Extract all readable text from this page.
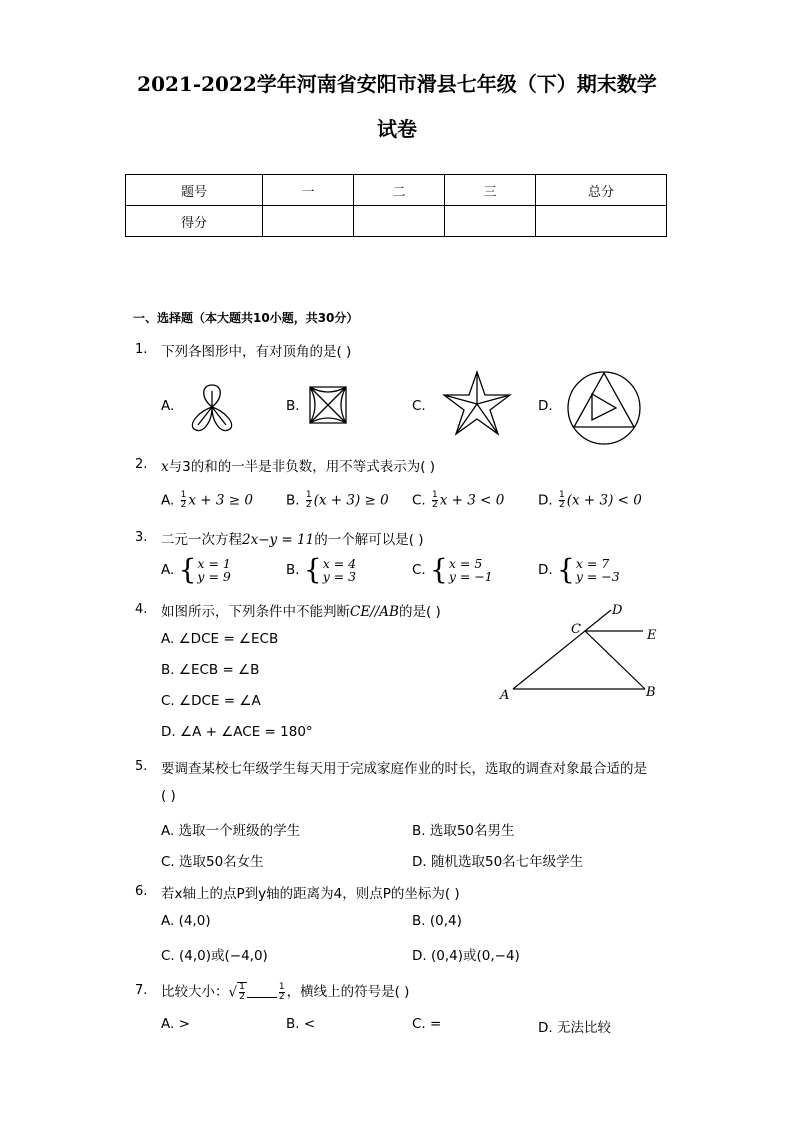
2021-2022学年河南省安阳市滑县七年级（下）期末数学
试卷
题号	一	二	三	总分
得分				
一、选择题（本大题共10小题，共30分）
1. 下列各图形中，有对顶角的是( )
A.	B.	C.	D.
2. x与3的和的一半是非负数，用不等式表示为( )
A. $\frac{1}{2}$ x + 3 ≥ 0 B. $\frac{1}{2} (x + 3) \ge 0$ C. $\frac{1}{2}$ x + 3 < 0 D. $\frac{1}{2} (x + 3) < 0$
3. 二元一次方程2x−y = 11的一个解可以是( )
A. { x = 1
y = 9	B. { x = 4
y = 3	C. { x = 5
y = −1	D. { x = 7
y = −3
4. 如图所示，下列条件中不能判断CE//AB的是( )
A. ∠DCE = ∠ECB
B. ∠ECB = ∠B
C. ∠DCE = ∠A
D. ∠A + ∠ACE = 180°
A	B
C
D
E
5. 要调查某校七年级学生每天用于完成家庭作业的时长，选取的调查对象最合适的是
( )
A. 选取一个班级的学生	B. 选取50名男生
C. 选取50名女生	D. 随机选取50名七年级学生
6. 若x轴上的点P到y轴的距离为4，则点P的坐标为( )
A. (4,0)	B. (0,4)
C. (4,0)或(−4,0)	D. (0,4)或(0,−4)
7. 比较大小：√ $\frac{1}{2}$	$\frac{1}{2}$ ，横线上的符号是( )
A. >	B. <	C. =	D. 无法比较
